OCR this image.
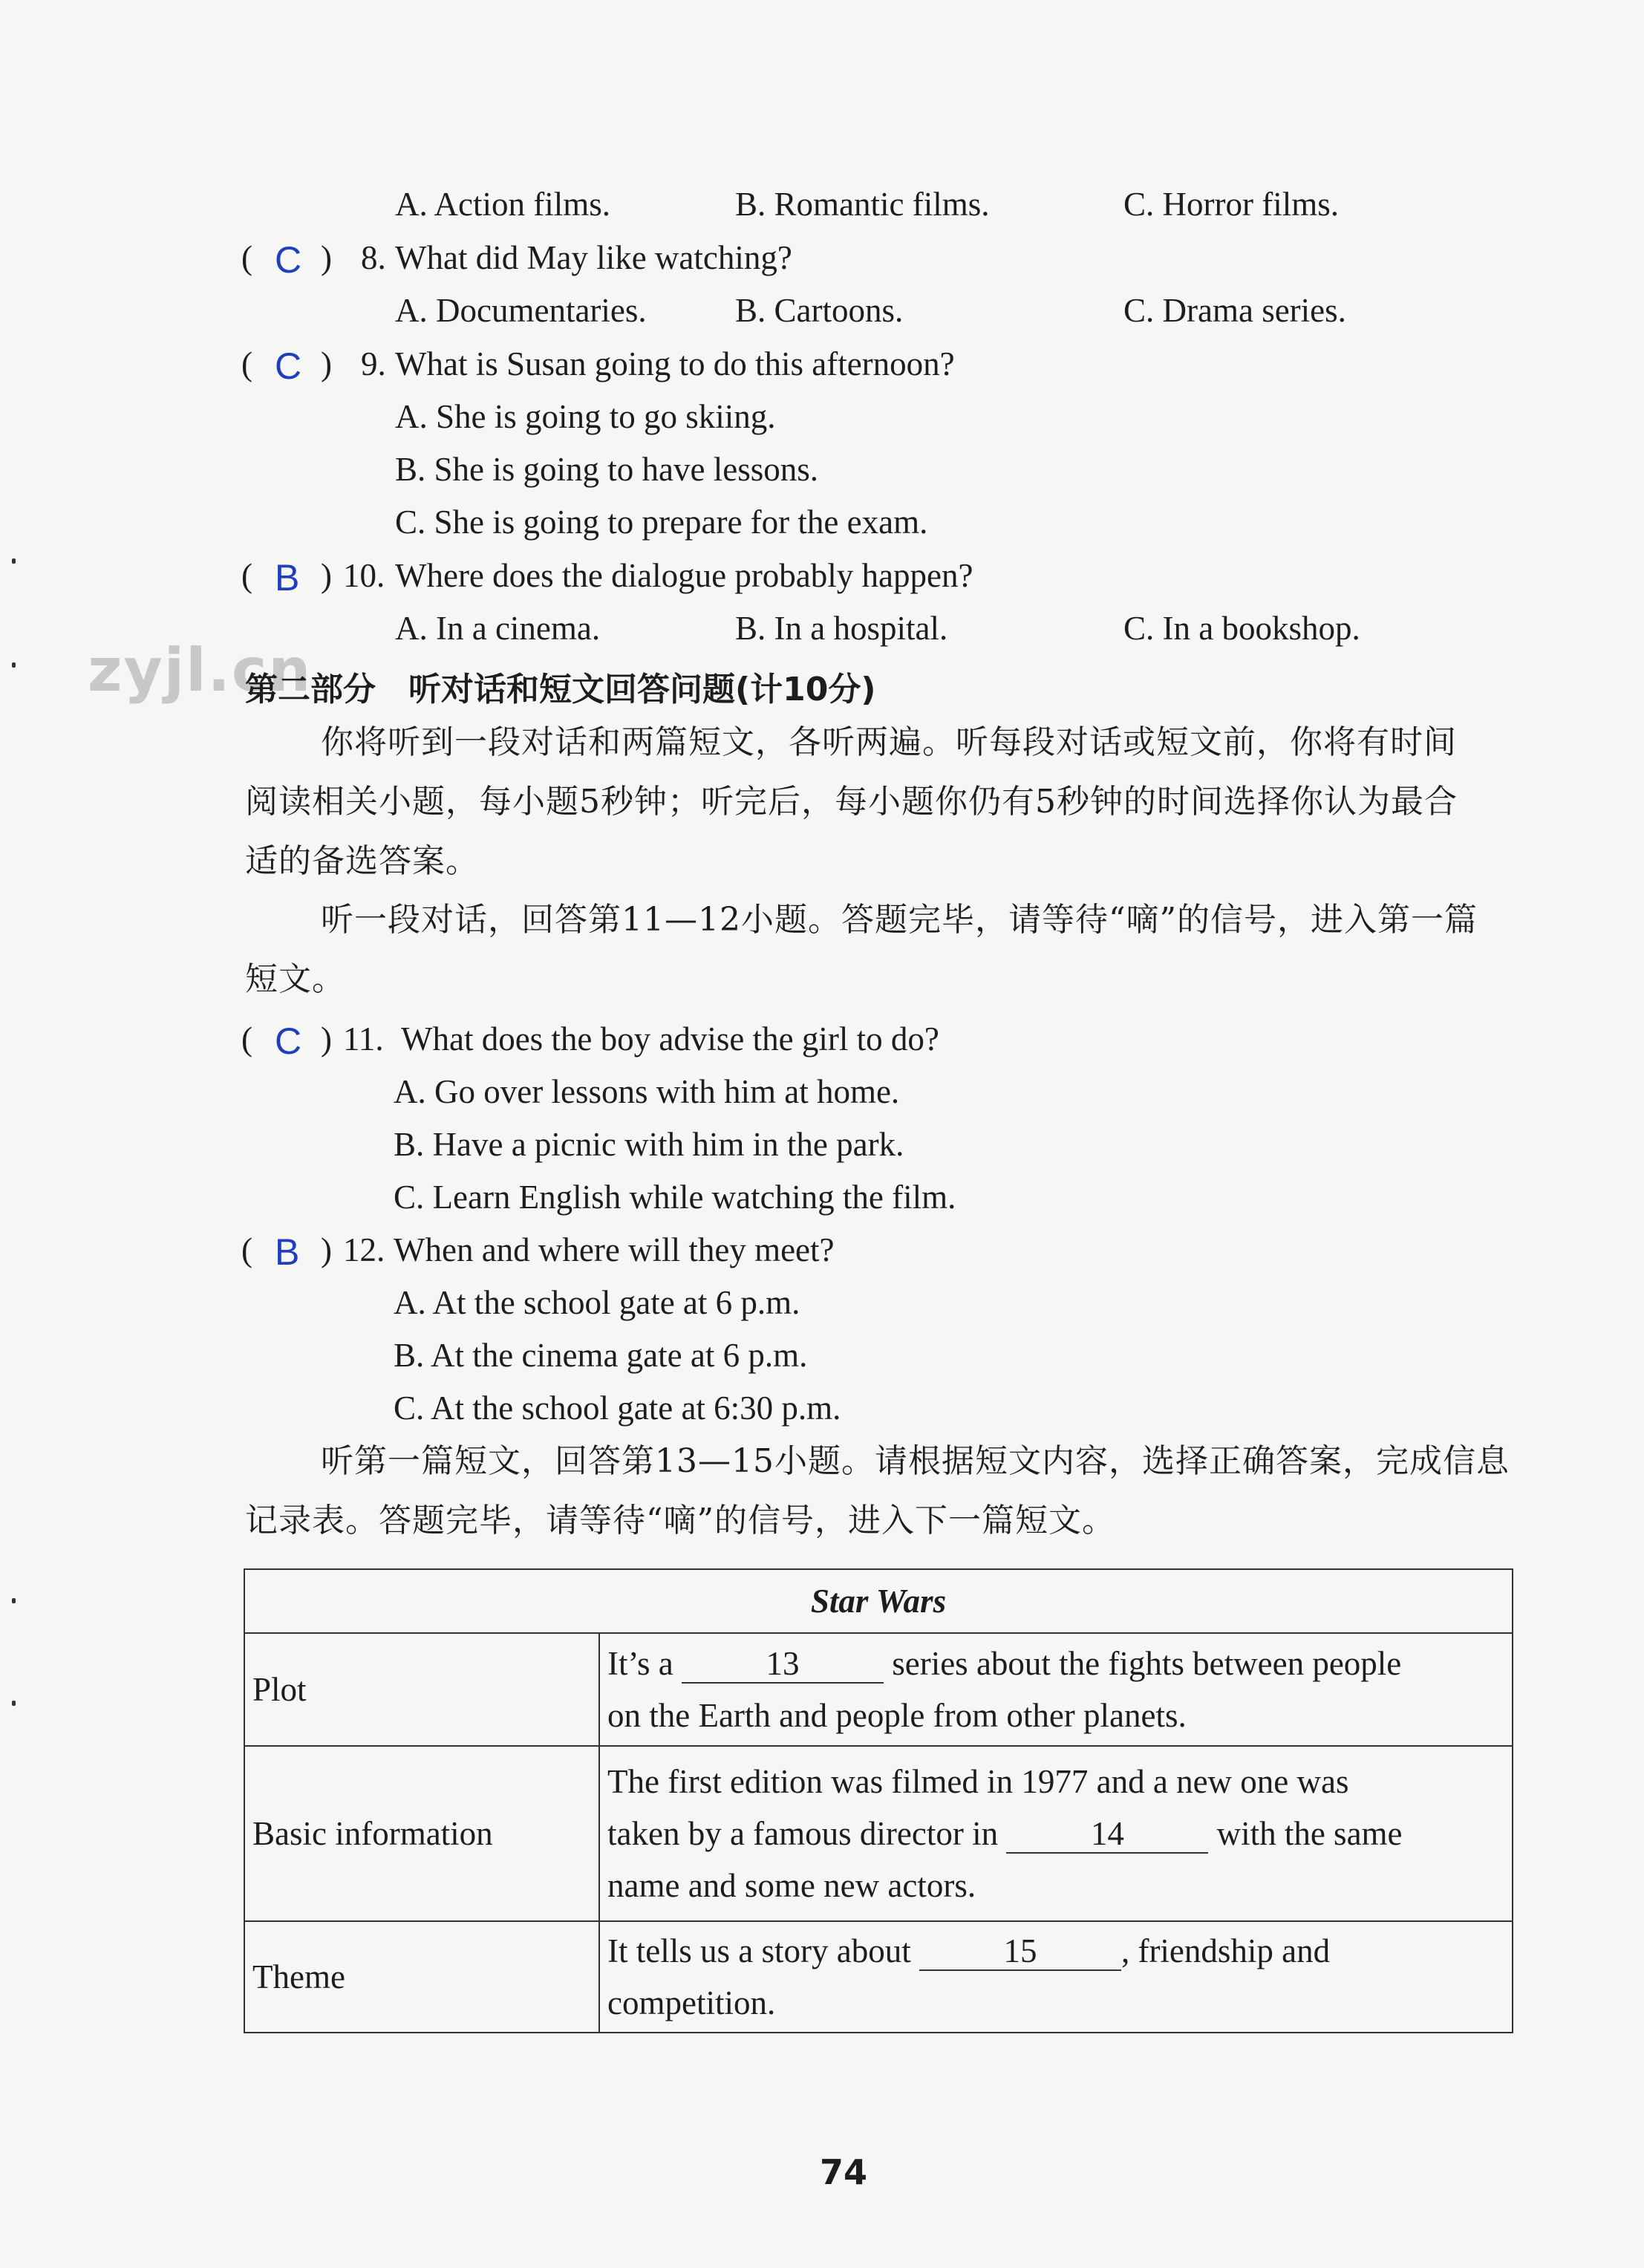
zyjl.cn
A. Action films.	B. Romantic films.	C. Horror films.
( C ) 8. What did May like watching?
A. Documentaries.	B. Cartoons.	C. Drama series.
( C ) 9. What is Susan going to do this afternoon?
A. She is going to go skiing.
B. She is going to have lessons.
C. She is going to prepare for the exam.
( B ) 10. Where does the dialogue probably happen?
A. In a cinema.	B. In a hospital.	C. In a bookshop.
第二部分　听对话和短文回答问题(计10分)
你将听到一段对话和两篇短文，各听两遍。听每段对话或短文前，你将有时间
阅读相关小题，每小题5秒钟；听完后，每小题你仍有5秒钟的时间选择你认为最合
适的备选答案。
听一段对话，回答第11—12小题。答题完毕，请等待“嘀”的信号，进入第一篇
短文。
( C ) 11. What does the boy advise the girl to do?
A. Go over lessons with him at home.
B. Have a picnic with him in the park.
C. Learn English while watching the film.
( B ) 12. When and where will they meet?
A. At the school gate at 6 p.m.
B. At the cinema gate at 6 p.m.
C. At the school gate at 6:30 p.m.
听第一篇短文，回答第13—15小题。请根据短文内容，选择正确答案，完成信息
记录表。答题完毕，请等待“嘀”的信号，进入下一篇短文。
Star Wars	
Plot	It’s a 13 series about the fights between people
on the Earth and people from other planets.
Basic information	The first edition was filmed in 1977 and a new one was
taken by a famous director in 14 with the same
name and some new actors.
Theme	It tells us a story about 15 , friendship and
competition.
74
